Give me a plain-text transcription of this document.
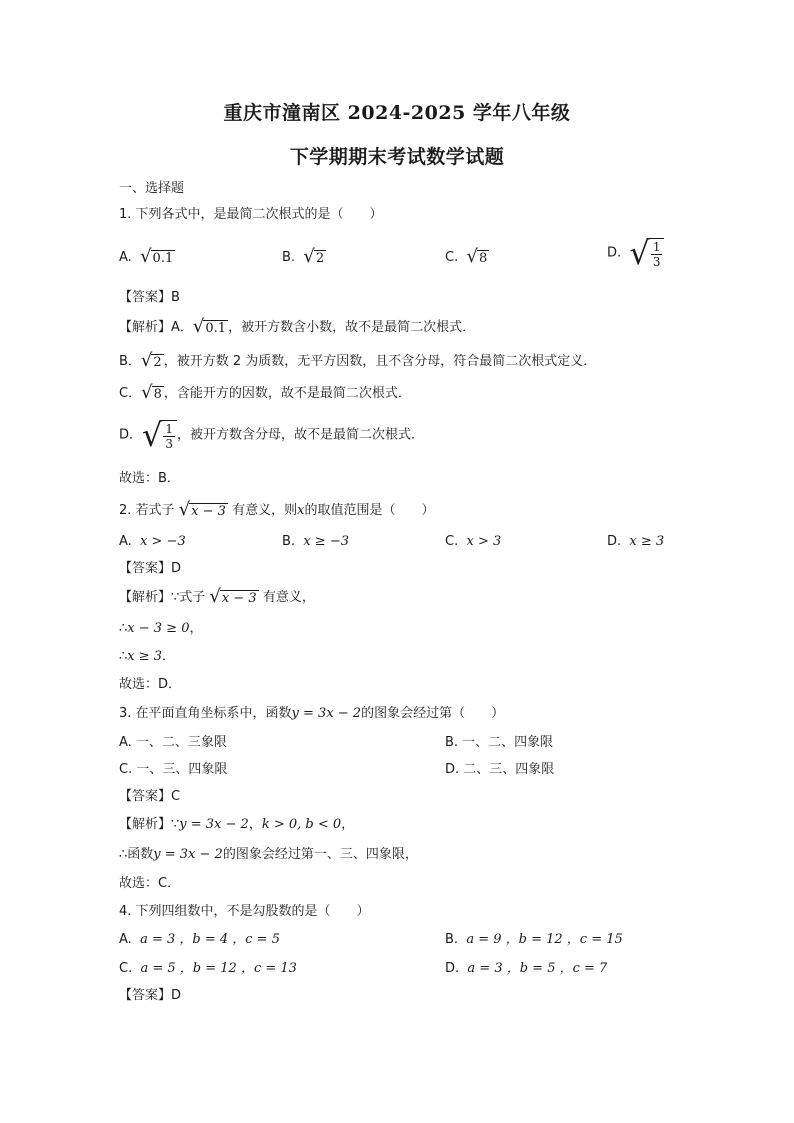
重庆市潼南区 2024-2025 学年八年级
下学期期末考试数学试题
一、选择题
1. 下列各式中，是最简二次根式的是（　　）
A. √ 0.1	B. √ 2	C. √ 8	D. √ $\frac{1}{3}$
【答案】B
【解析】A． √ 0.1 ，被开方数含小数，故不是最简二次根式．
B． √ 2 ，被开方数 2 为质数，无平方因数，且不含分母，符合最简二次根式定义．
C． √ 8 ，含能开方的因数，故不是最简二次根式．
D． √ $\frac{1}{3}$ ，被开方数含分母，故不是最简二次根式．
故选：B．
2. 若式子 √ x − 3 有意义，则x的取值范围是（　　）
A. x > −3	B. x ≥ −3	C. x > 3	D. x ≥ 3
【答案】D
【解析】∵式子 √ x − 3 有意义，
∴x − 3 ≥ 0，
∴x ≥ 3．
故选：D．
3. 在平面直角坐标系中，函数y = 3x − 2的图象会经过第（　　）
A. 一、二、三象限	B. 一、二、四象限
C. 一、三、四象限	D. 二、三、四象限
【答案】C
【解析】∵y = 3x − 2，k > 0, b < 0，
∴函数y = 3x − 2的图象会经过第一、三、四象限，
故选：C．
4. 下列四组数中，不是勾股数的是（　　）
A. a = 3 ，b = 4 ，c = 5	B. a = 9 ，b = 12 ，c = 15
C. a = 5 ，b = 12 ，c = 13	D. a = 3 ，b = 5 ，c = 7
【答案】D
